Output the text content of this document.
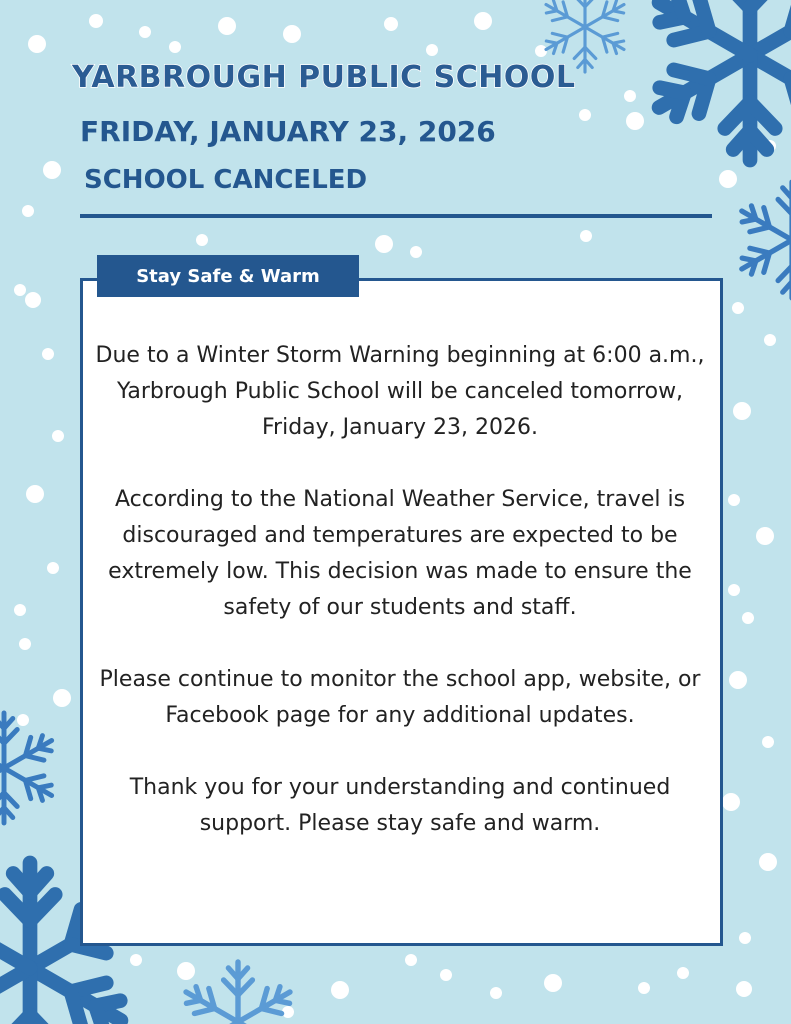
YARBROUGH PUBLIC SCHOOL
FRIDAY, JANUARY 23, 2026
SCHOOL CANCELED
Stay Safe & Warm

Due to a Winter Storm Warning beginning at 6:00 a.m., Yarbrough Public School will be canceled tomorrow, Friday, January 23, 2026.

According to the National Weather Service, travel is discouraged and temperatures are expected to be extremely low. This decision was made to ensure the safety of our students and staff.

Please continue to monitor the school app, website, or Facebook page for any additional updates.

Thank you for your understanding and continued support. Please stay safe and warm.
